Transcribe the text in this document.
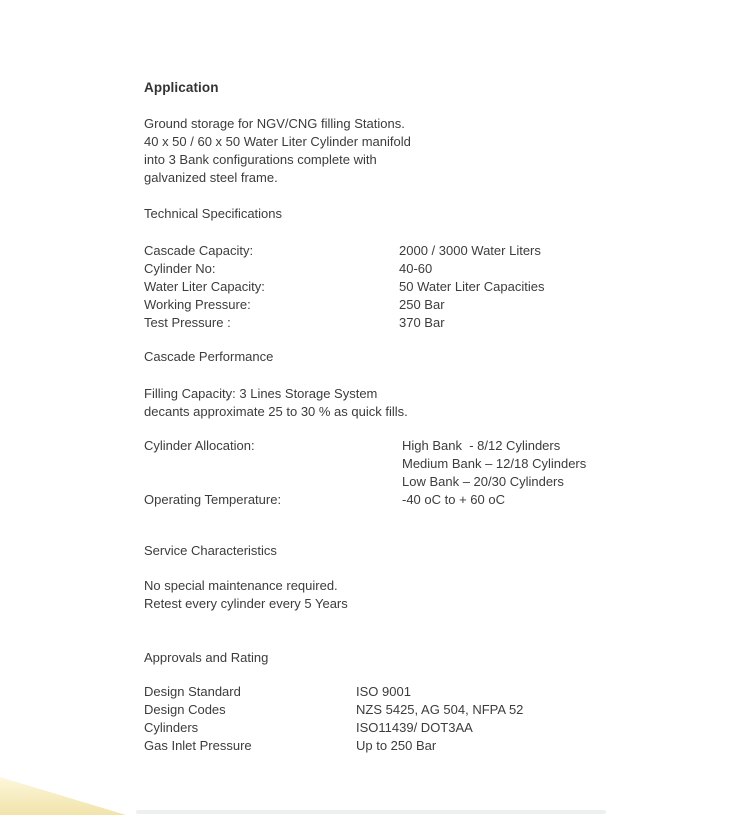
Application
Ground storage for NGV/CNG filling Stations.
40 x 50 / 60 x 50 Water Liter Cylinder manifold
into 3 Bank configurations complete with
galvanized steel frame.
Technical Specifications
Cascade Capacity:	2000 / 3000 Water Liters
Cylinder No:	40-60
Water Liter Capacity:	50 Water Liter Capacities
Working Pressure:	250 Bar
Test Pressure :	370 Bar
Cascade Performance
Filling Capacity: 3 Lines Storage System
decants approximate 25 to 30 % as quick fills.
Cylinder Allocation:	High Bank  - 8/12 Cylinders
Medium Bank – 12/18 Cylinders
Low Bank – 20/30 Cylinders
Operating Temperature:	-40 oC to + 60 oC
Service Characteristics
No special maintenance required.
Retest every cylinder every 5 Years
Approvals and Rating
Design Standard	ISO 9001
Design Codes	NZS 5425, AG 504, NFPA 52
Cylinders	ISO11439/ DOT3AA
Gas Inlet Pressure	Up to 250 Bar
